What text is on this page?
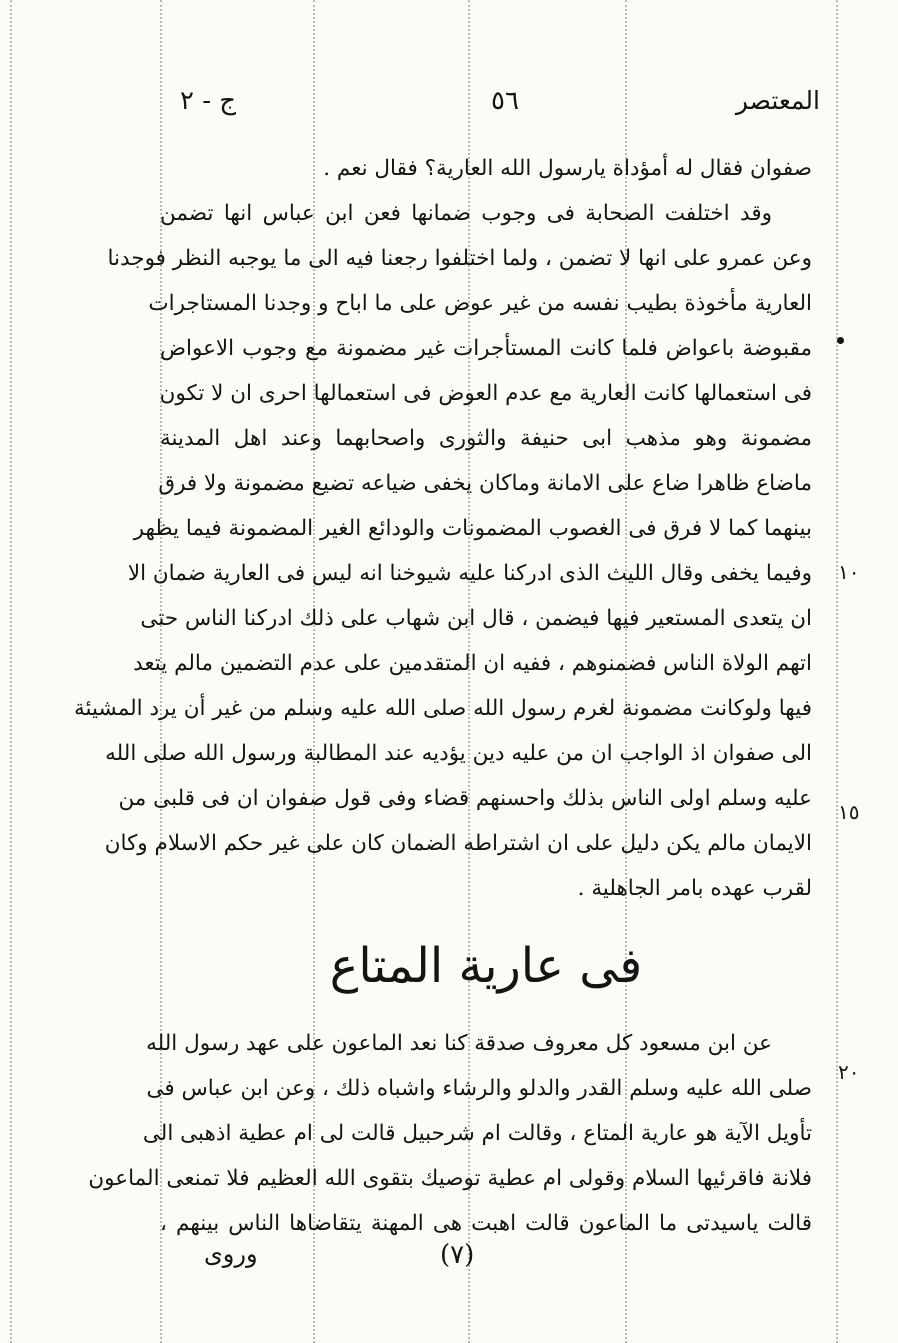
المعتصر
٥٦
ج - ٢
صفوان فقال له أمؤداة يارسول الله العارية؟ فقال نعم .
وقد اختلفت الصحابة فى وجوب ضمانها فعن ابن عباس انها تضمن
وعن عمرو على انها لا تضمن ، ولما اختلفوا رجعنا فيه الى ما يوجبه النظر فوجدنا
العارية مأخوذة بطيب نفسه من غير عوض على ما اباح و وجدنا المستاجرات
مقبوضة باعواض فلما كانت المستأجرات غير مضمونة مع وجوب الاعواض
فى استعمالها كانت العارية مع عدم العوض فى استعمالها احرى ان لا تكون
مضمونة وهو مذهب ابى حنيفة والثورى واصحابهما وعند اهل المدينة
ماضاع ظاهرا ضاع على الامانة وماكان يخفى ضياعه تضيع مضمونة ولا فرق
بينهما كما لا فرق فى الغصوب المضمونات والودائع الغير المضمونة فيما يظهر
وفيما يخفى وقال الليث الذى ادركنا عليه شيوخنا انه ليس فى العارية ضمان الا
ان يتعدى المستعير فيها فيضمن ، قال ابن شهاب على ذلك ادركنا الناس حتى
اتهم الولاة الناس فضمنوهم ، ففيه ان المتقدمين على عدم التضمين مالم يتعد
فيها ولوكانت مضمونة لغرم رسول الله صلى الله عليه وسلم من غير أن يرد المشيئة
الى صفوان اذ الواجب ان من عليه دين يؤديه عند المطالبة ورسول الله صلى الله
عليه وسلم اولى الناس بذلك واحسنهم قضاء وفى قول صفوان ان فى قلبى من
الايمان مالم يكن دليل على ان اشتراطه الضمان كان على غير حكم الاسلام وكان
لقرب عهده بامر الجاهلية .
فى عارية المتاع
عن ابن مسعود كل معروف صدقة كنا نعد الماعون على عهد رسول الله
صلى الله عليه وسلم القدر والدلو والرشاء واشباه ذلك ، وعن ابن عباس فى
تأويل الآية هو عارية المتاع ، وقالت ام شرحبيل قالت لى ام عطية اذهبى الى
فلانة فاقرئيها السلام وقولى ام عطية توصيك بتقوى الله العظيم فلا تمنعى الماعون
قالت ياسيدتى ما الماعون قالت اهبت هى المهنة يتقاضاها الناس بينهم ،
١٠
١٥
٢٠
(٧)
وروى
